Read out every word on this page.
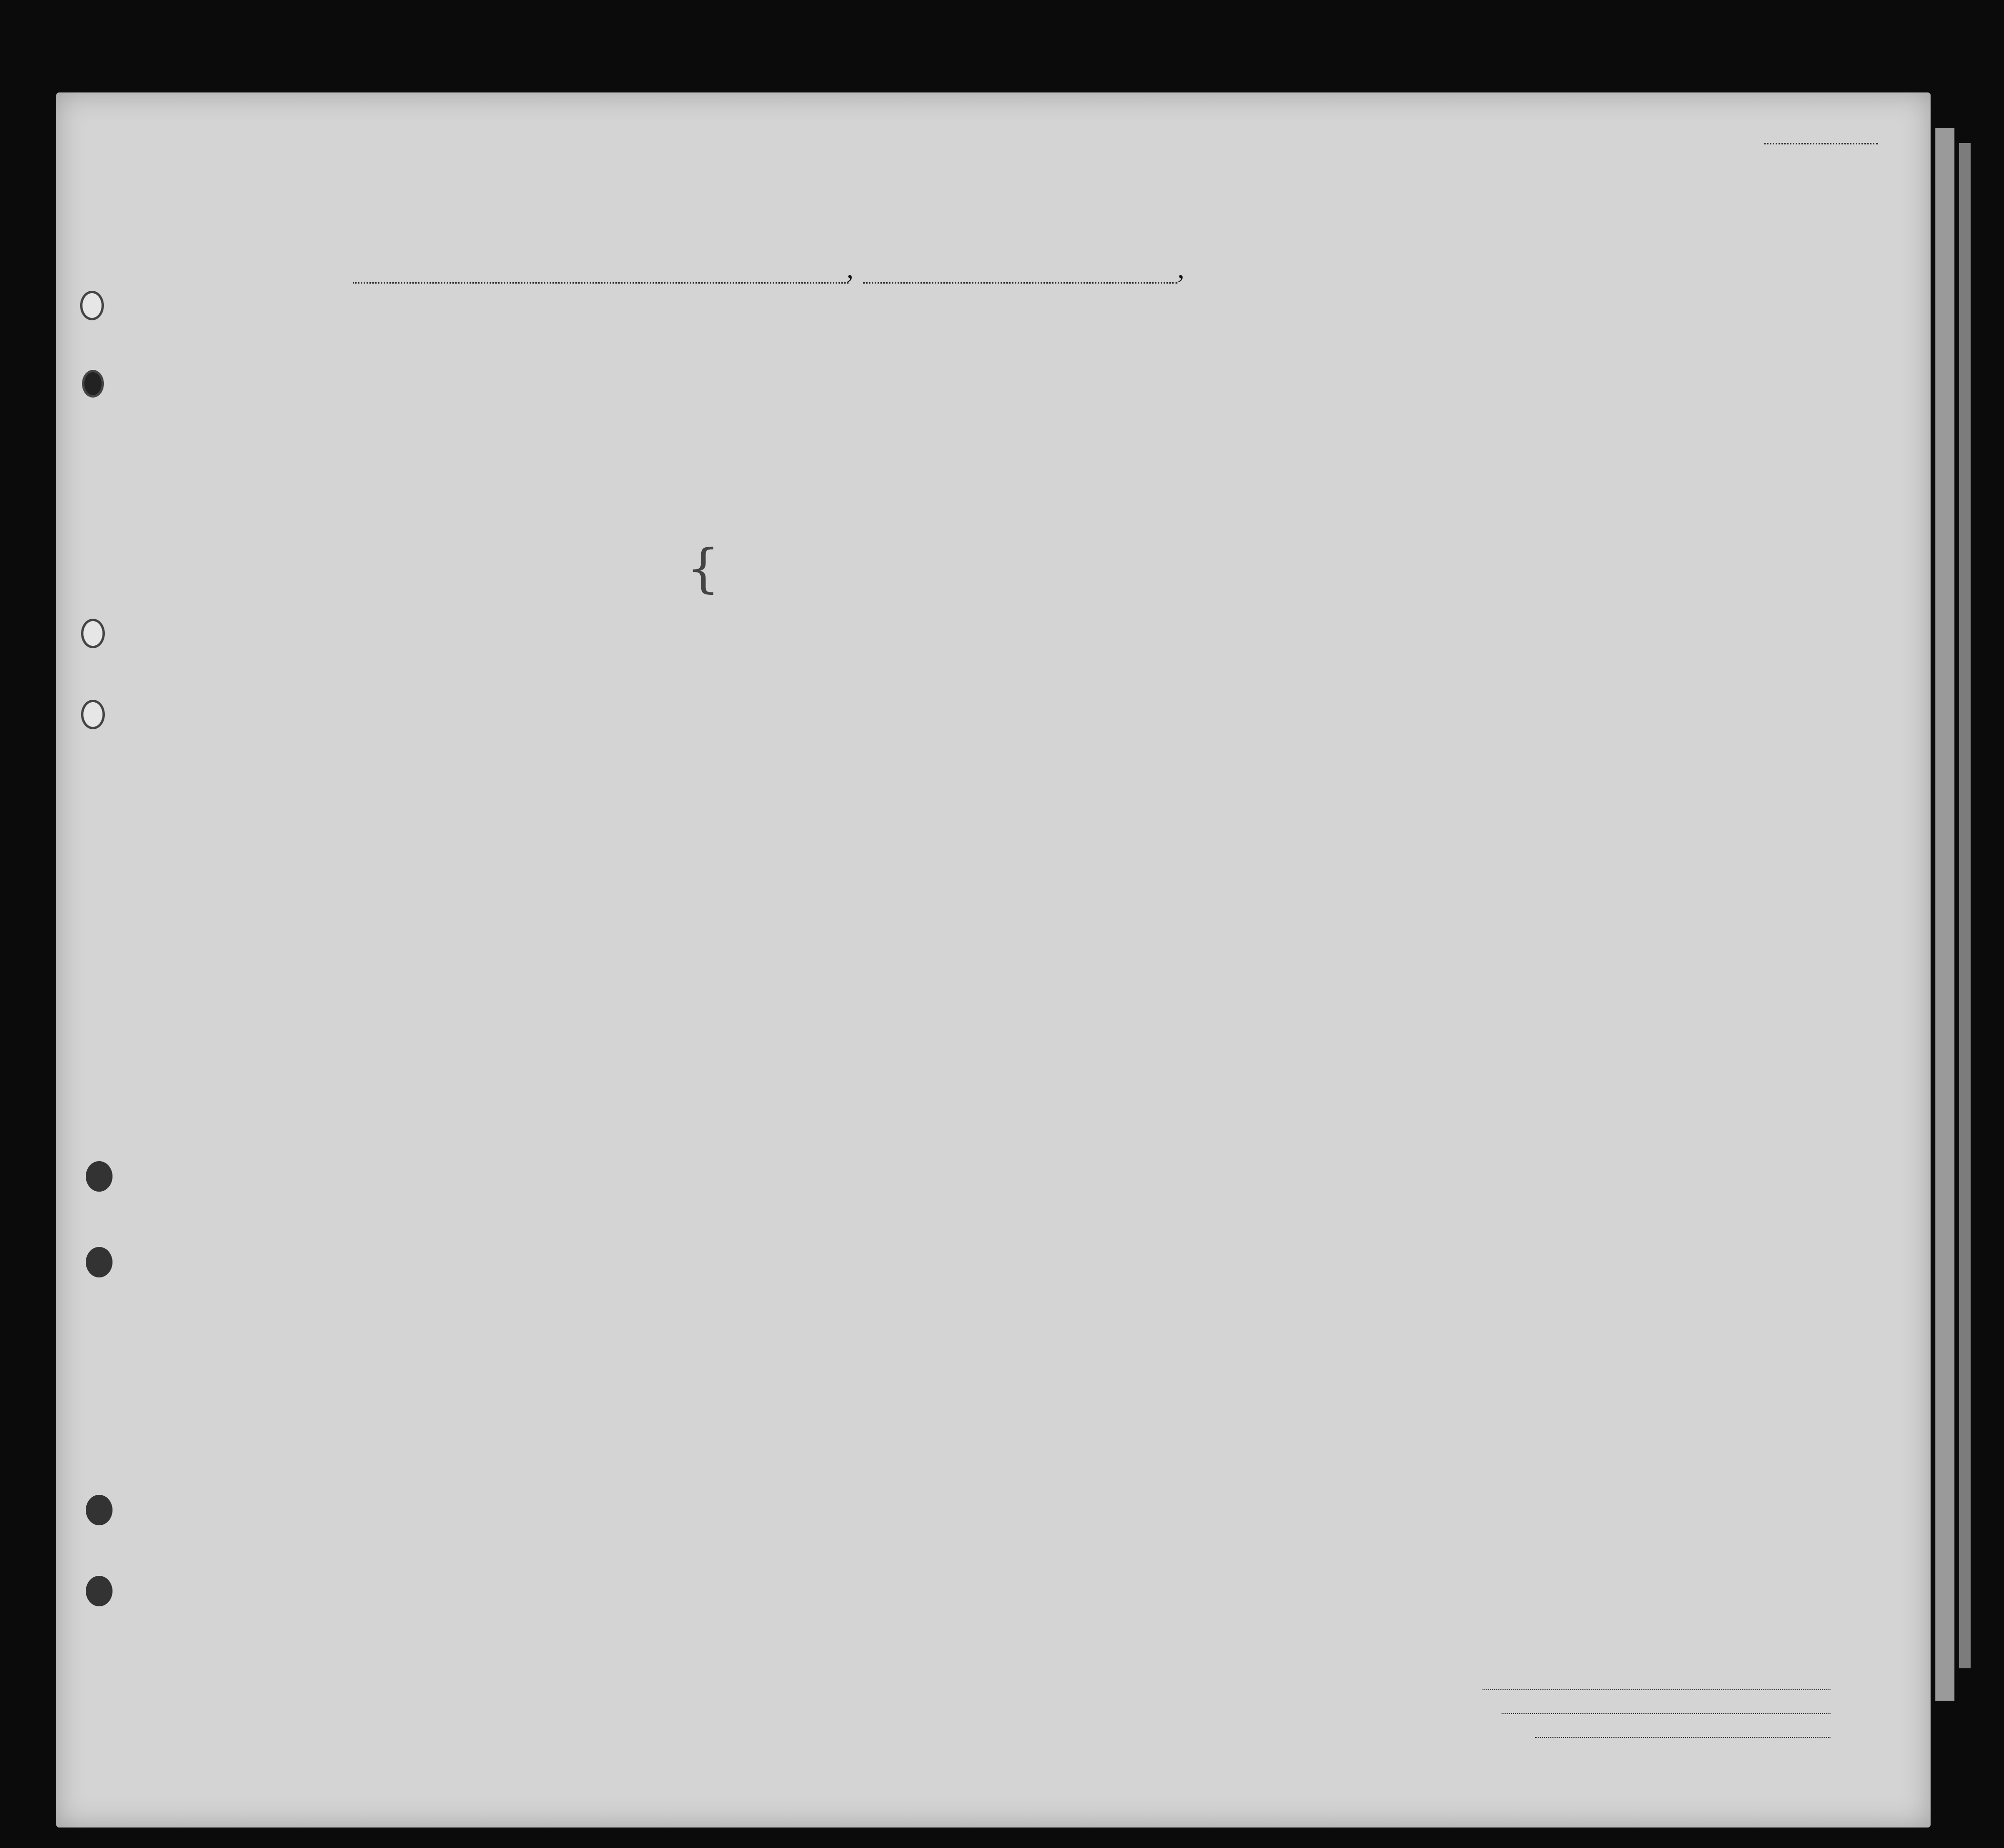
,	,
{
